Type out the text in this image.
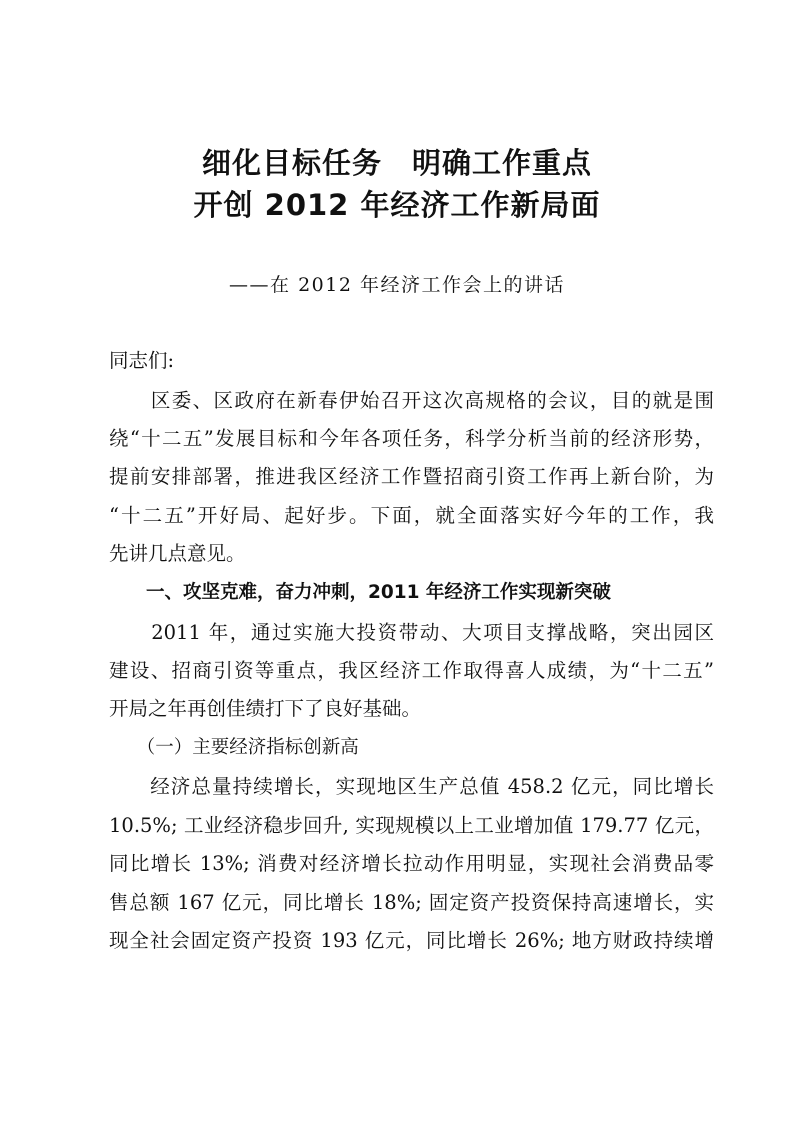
细化目标任务　明确工作重点
开创 2012 年经济工作新局面
——在 2012 年经济工作会上的讲话
同志们:
　　区委、区政府在新春伊始召开这次高规格的会议，目的就是围
绕“十二五”发展目标和今年各项任务，科学分析当前的经济形势，
提前安排部署，推进我区经济工作暨招商引资工作再上新台阶，为
“十二五”开好局、起好步。下面，就全面落实好今年的工作，我
先讲几点意见。
　　一、攻坚克难，奋力冲刺，2011 年经济工作实现新突破
　　2011 年，通过实施大投资带动、大项目支撑战略，突出园区
建设、招商引资等重点，我区经济工作取得喜人成绩，为“十二五”
开局之年再创佳绩打下了良好基础。
　　（一）主要经济指标创新高
　　经济总量持续增长，实现地区生产总值 458.2 亿元，同比增长
10.5%; 工业经济稳步回升, 实现规模以上工业增加值 179.77 亿元，
同比增长 13%; 消费对经济增长拉动作用明显，实现社会消费品零
售总额 167 亿元，同比增长 18%; 固定资产投资保持高速增长，实
现全社会固定资产投资 193 亿元，同比增长 26%; 地方财政持续增
